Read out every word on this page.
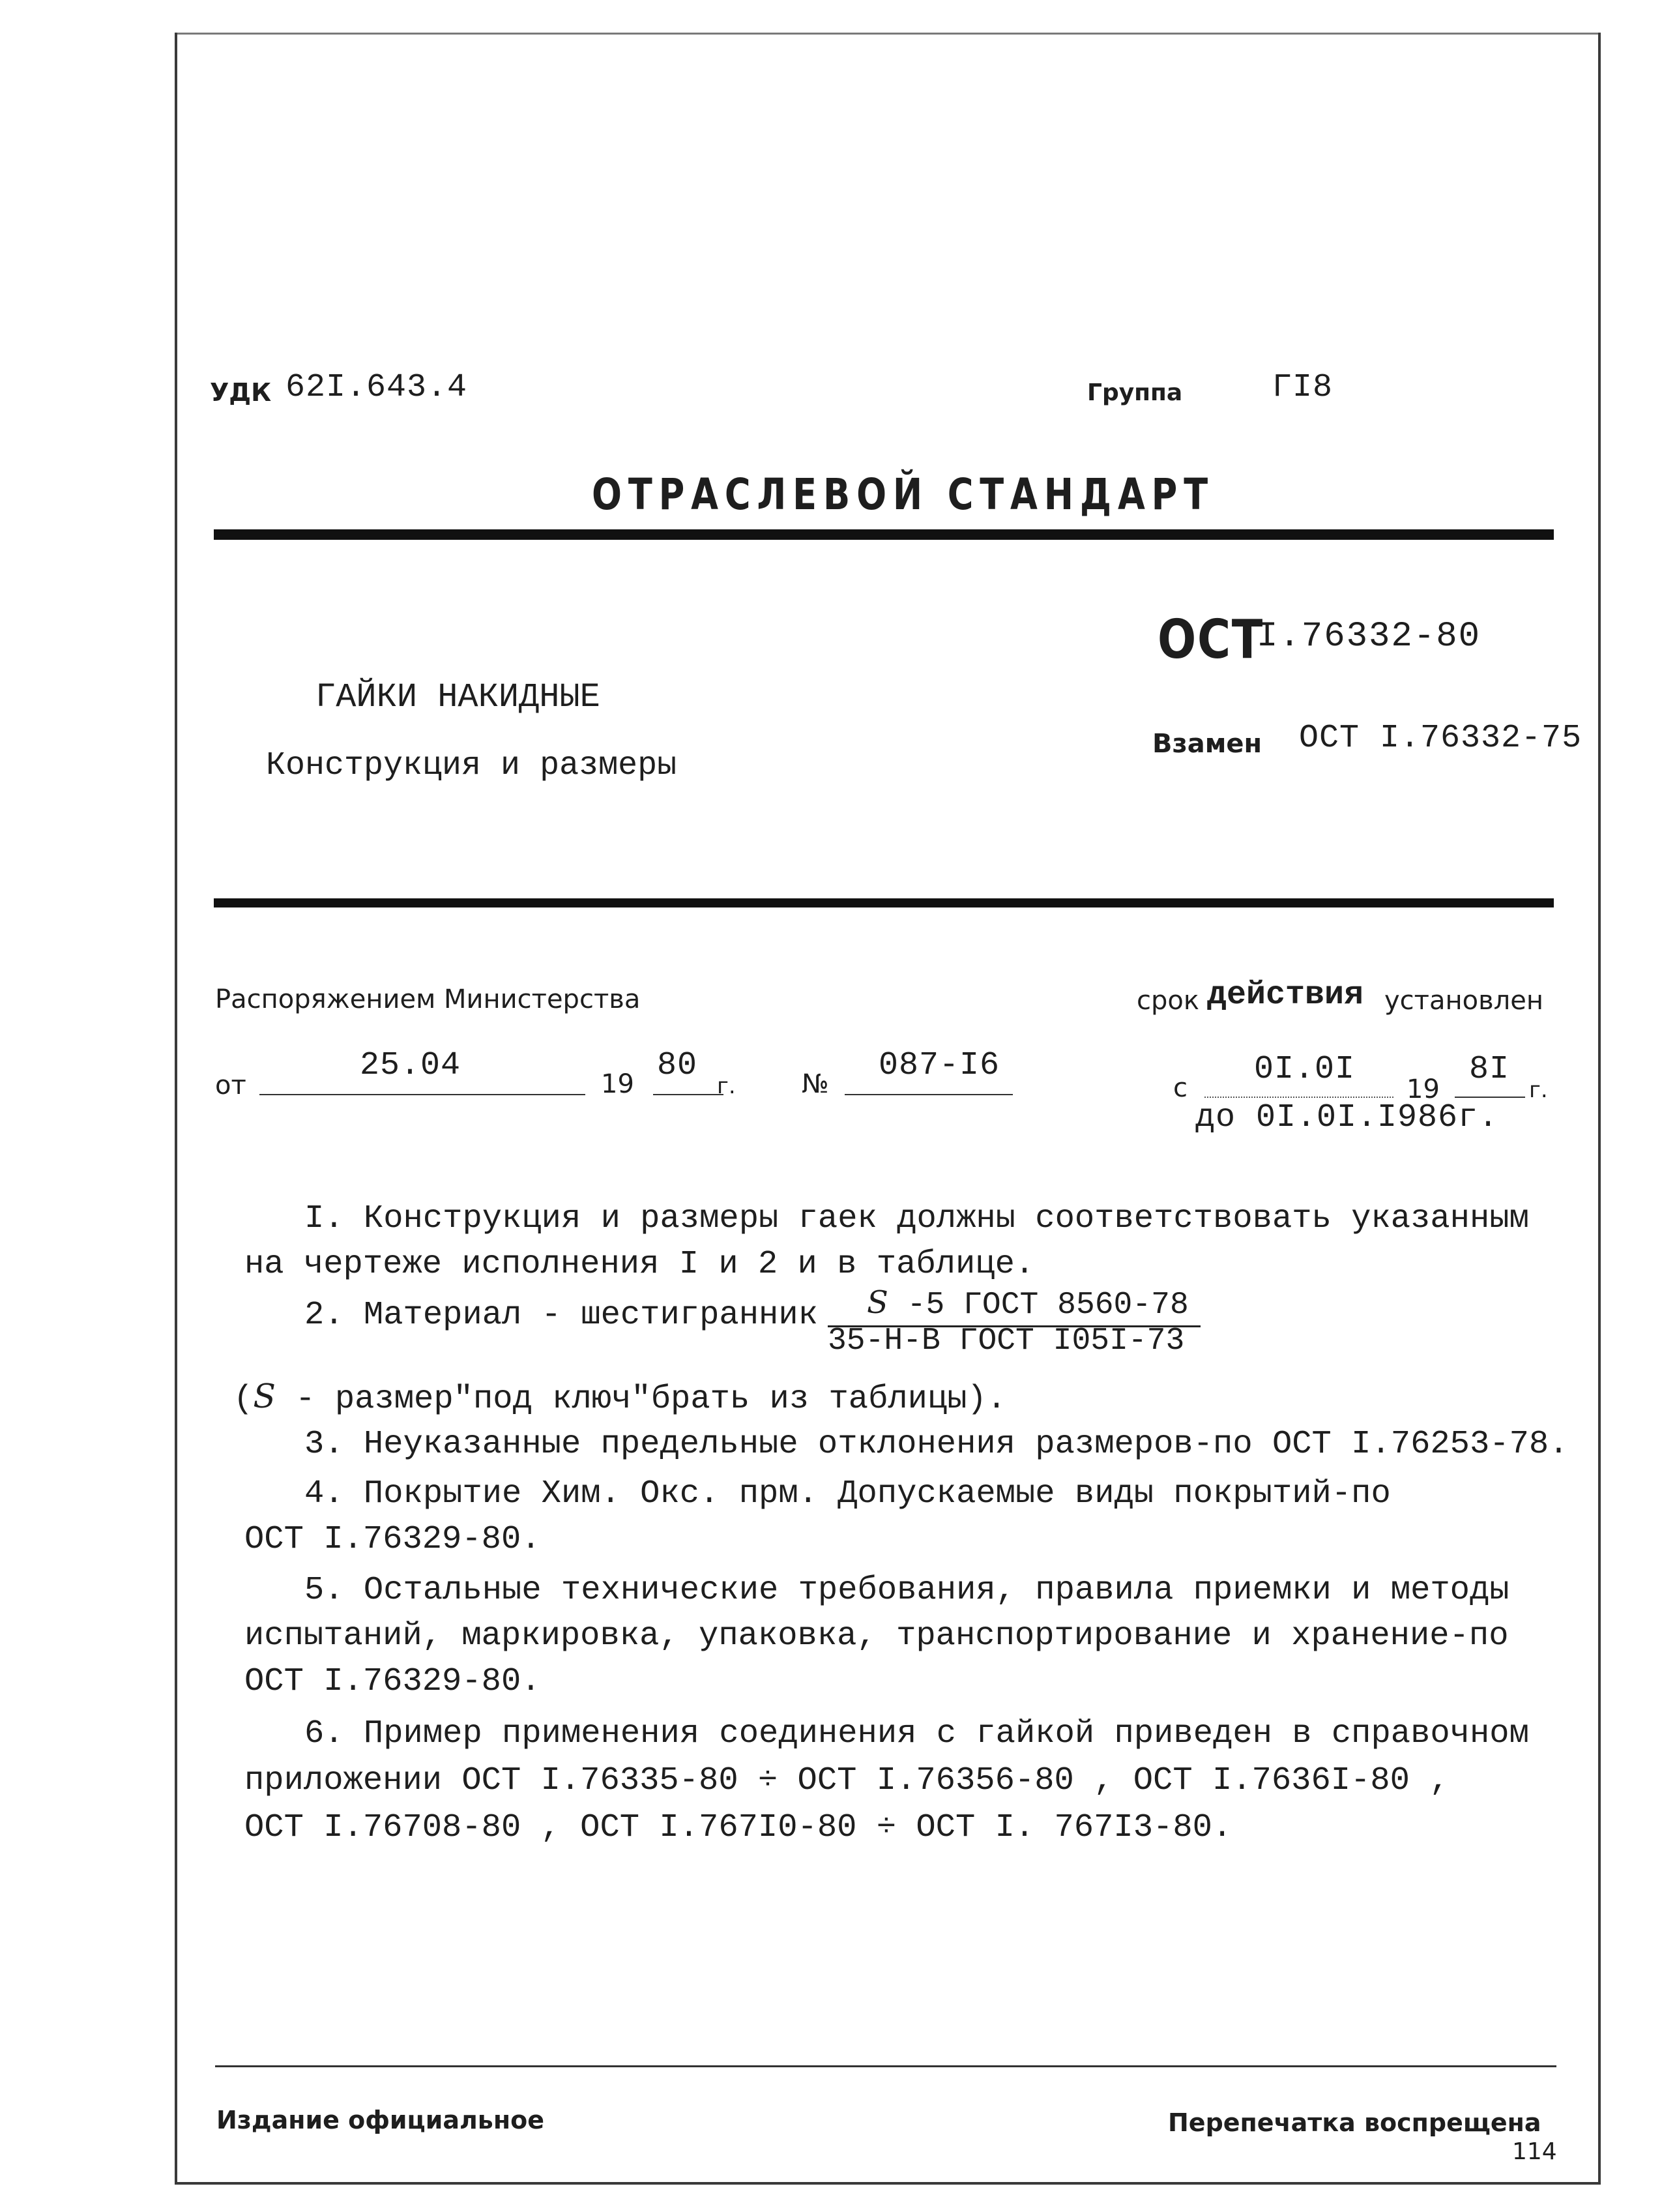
УДК 62I.643.4	Группа	ГI8
ОТРАСЛЕВОЙ СТАНДАРТ
ОСТ
I.76332-80
Взамен ОСТ I.76332-75
ГАЙКИ НАКИДНЫЕ
Конструкция и размеры
Распоряжением Министерства
от
25.04	19 80
г.	№ 087-I6
срок действия установлен
с 0I.0I
19
8I
г.
до 0I.0I.I986г.
I. Конструкция и размеры гаек должны соответствовать указанным
на чертеже исполнения I и 2 и в таблице.
2. Материал - шестигранник S -5 ГОСТ 8560-78
35-Н-В ГОСТ I05I-73
(S - размер"под ключ"брать из таблицы).
3. Неуказанные предельные отклонения размеров-по ОСТ I.76253-78.
4. Покрытие Хим. Окс. прм. Допускаемые виды покрытий-по
ОСТ I.76329-80.
5. Остальные технические требования, правила приемки и методы
испытаний, маркировка, упаковка, транспортирование и хранение-по
ОСТ I.76329-80.
6. Пример применения соединения с гайкой приведен в справочном
приложении ОСТ I.76335-80 ÷ ОСТ I.76356-80 , ОСТ I.7636I-80 ,
ОСТ I.76708-80 , ОСТ I.767I0-80 ÷ ОСТ I. 767I3-80.
Издание официальное	Перепечатка воспрещена
114
